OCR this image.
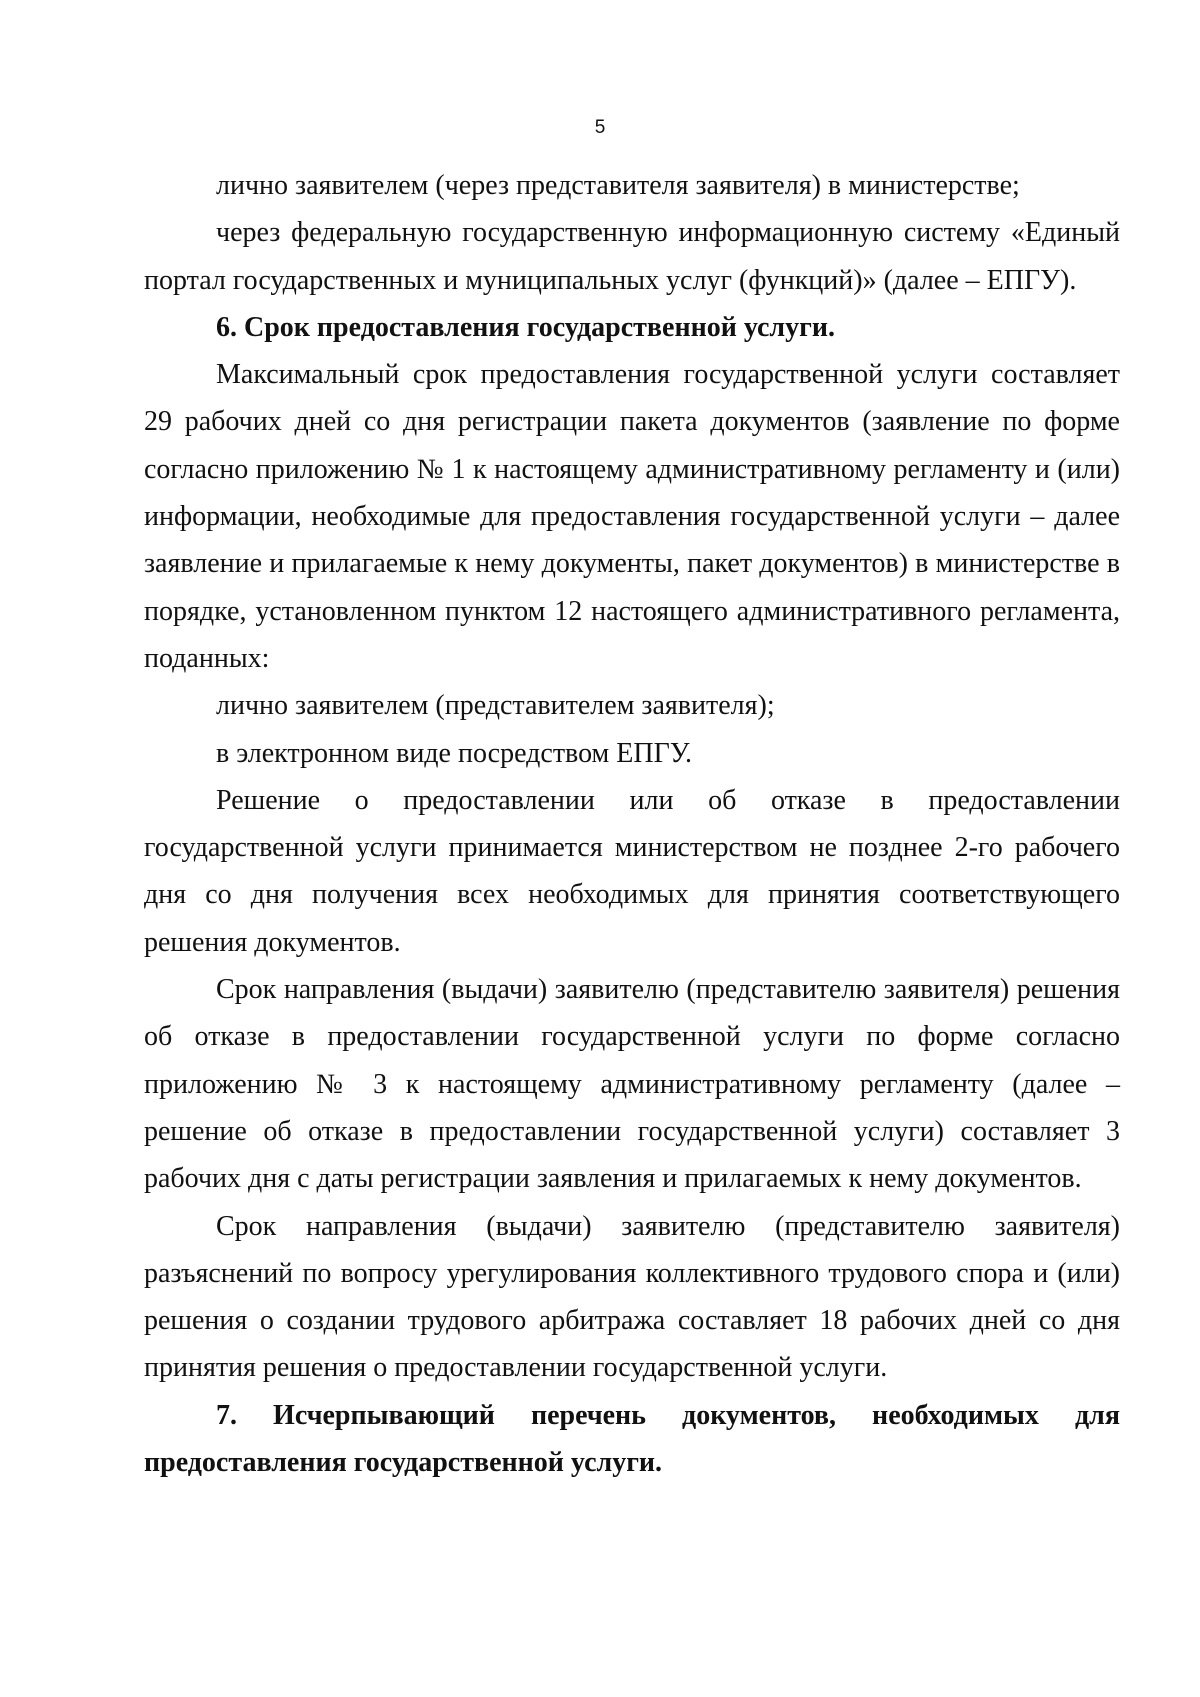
5

лично заявителем (через представителя заявителя) в министерстве;

через федеральную государственную информационную систему «Единый портал государственных и муниципальных услуг (функций)» (далее – ЕПГУ).

6. Срок предоставления государственной услуги.

Максимальный срок предоставления государственной услуги составляет 29 рабочих дней со дня регистрации пакета документов (заявление по форме согласно приложению № 1 к настоящему административному регламенту и (или) информации, необходимые для предоставления государственной услуги – далее заявление и прилагаемые к нему документы, пакет документов) в министерстве в порядке, установленном пунктом 12 настоящего административного регламента, поданных:

лично заявителем (представителем заявителя);

в электронном виде посредством ЕПГУ.

Решение о предоставлении или об отказе в предоставлении государственной услуги принимается министерством не позднее 2-го рабочего дня со дня получения всех необходимых для принятия соответствующего решения документов.

Срок направления (выдачи) заявителю (представителю заявителя) решения об отказе в предоставлении государственной услуги по форме согласно приложению № 3 к настоящему административному регламенту (далее – решение об отказе в предоставлении государственной услуги) составляет 3 рабочих дня с даты регистрации заявления и прилагаемых к нему документов.

Срок направления (выдачи) заявителю (представителю заявителя) разъяснений по вопросу урегулирования коллективного трудового спора и (или) решения о создании трудового арбитража составляет 18 рабочих дней со дня принятия решения о предоставлении государственной услуги.

7. Исчерпывающий перечень документов, необходимых для предоставления государственной услуги.
